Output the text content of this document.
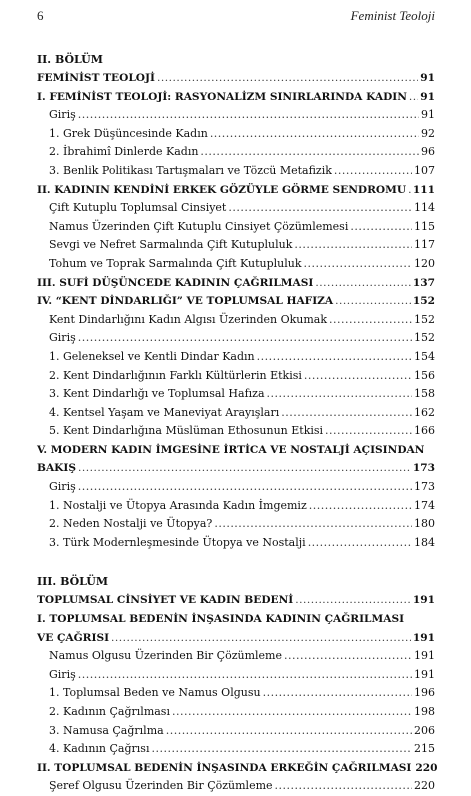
6	Feminist Teoloji
II. BÖLÜM
FEMİNİST TEOLOJİ .....	91
I. FEMİNİST TEOLOJİ: RASYONALİZM SINIRLARINDA KADIN ..... 91
Giriş .....	91
1. Grek Düşüncesinde Kadın .....	92
2. İbrahimî Dinlerde Kadın .....	96
3. Benlik Politikası Tartışmaları ve Tözcü Metafizik .....	107
II. KADININ KENDİNİ ERKEK GÖZÜYLE GÖRME SENDROMU ..... 111
Çift Kutuplu Toplumsal Cinsiyet .....	114
Namus Üzerinden Çift Kutuplu Cinsiyet Çözümlemesi .....	115
Sevgi ve Nefret Sarmalında Çift Kutupluluk .....	117
Tohum ve Toprak Sarmalında Çift Kutupluluk .....	120
III. SUFİ DÜŞÜNCEDE KADININ ÇAĞRILMASI .....	137
IV. “KENT DİNDARLIĞI” VE TOPLUMSAL HAFIZA .....	152
Kent Dindarlığını Kadın Algısı Üzerinden Okumak .....	152
Giriş .....	152
1. Geleneksel ve Kentli Dindar Kadın .....	154
2. Kent Dindarlığının Farklı Kültürlerin Etkisi .....	156
3. Kent Dindarlığı ve Toplumsal Hafıza .....	158
4. Kentsel Yaşam ve Maneviyat Arayışları .....	162
5. Kent Dindarlığına Müslüman Ethosunun Etkisi .....	166
V. MODERN KADIN İMGESİNE İRTİCA VE NOSTALJİ AÇISINDAN
BAKIŞ .....	173
Giriş .....	173
1. Nostalji ve Ütopya Arasında Kadın İmgemiz .....	174
2. Neden Nostalji ve Ütopya? .....	180
3. Türk Modernleşmesinde Ütopya ve Nostalji .....	184
III. BÖLÜM
TOPLUMSAL CİNSİYET VE KADIN BEDENİ .....	191
I. TOPLUMSAL BEDENİN İNŞASINDA KADININ ÇAĞRILMASI
VE ÇAĞRISI .....	191
Namus Olgusu Üzerinden Bir Çözümleme .....	191
Giriş .....	191
1. Toplumsal Beden ve Namus Olgusu .....	196
2. Kadının Çağrılması .....	198
3. Namusa Çağrılma .....	206
4. Kadının Çağrısı .....	215
II. TOPLUMSAL BEDENİN İNŞASINDA ERKEĞİN ÇAĞRILMASI 220
Şeref Olgusu Üzerinden Bir Çözümleme .....	220
